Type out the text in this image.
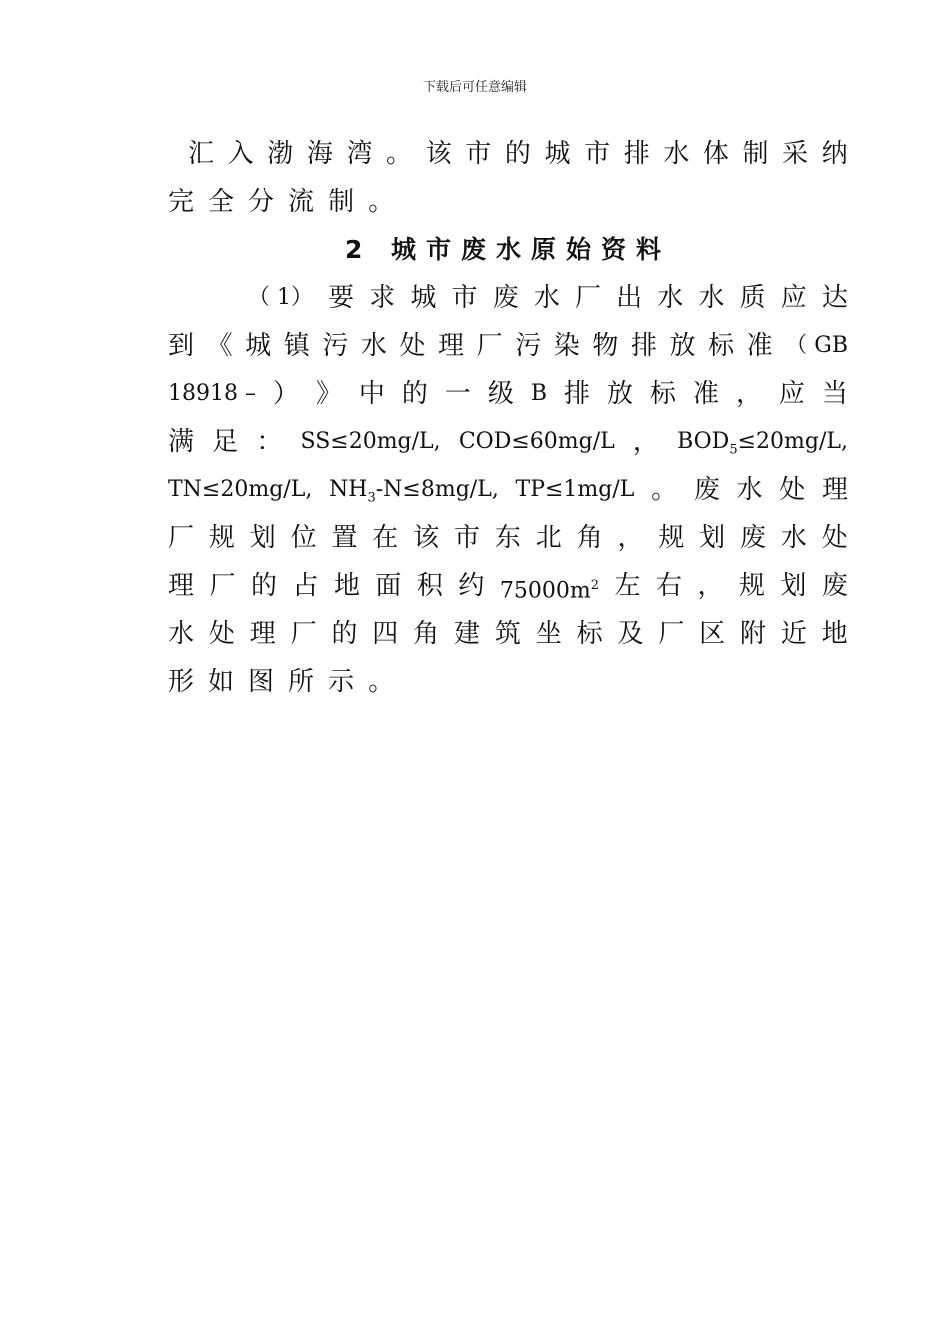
下载后可任意编辑
汇 入 渤 海 湾 。 该 市 的 城 市 排 水 体 制 采 纳
完 全 分 流 制 。
2 城市废水原始资料
（ 1） 要 求 城 市 废 水 厂 出 水 水 质 应 达
到 《 城 镇 污 水 处 理 厂 污 染 物 排 放 标 准 （ GB
18918 – ） 》 中 的 一 级 B 排 放 标 准 ， 应 当
满 足 ： SS≤20mg/L, COD≤60mg/L ， $BOD_5\le 20mg/L$,
TN≤20mg/L, $NH_3-N\le 8mg/L$, TP≤1mg/L 。 废 水 处 理
厂 规 划 位 置 在 该 市 东 北 角 ， 规 划 废 水 处
理 厂 的 占 地 面 积 约 $75000m^2$ 左 右 ， 规 划 废
水 处 理 厂 的 四 角 建 筑 坐 标 及 厂 区 附 近 地
形 如 图 所 示 。
